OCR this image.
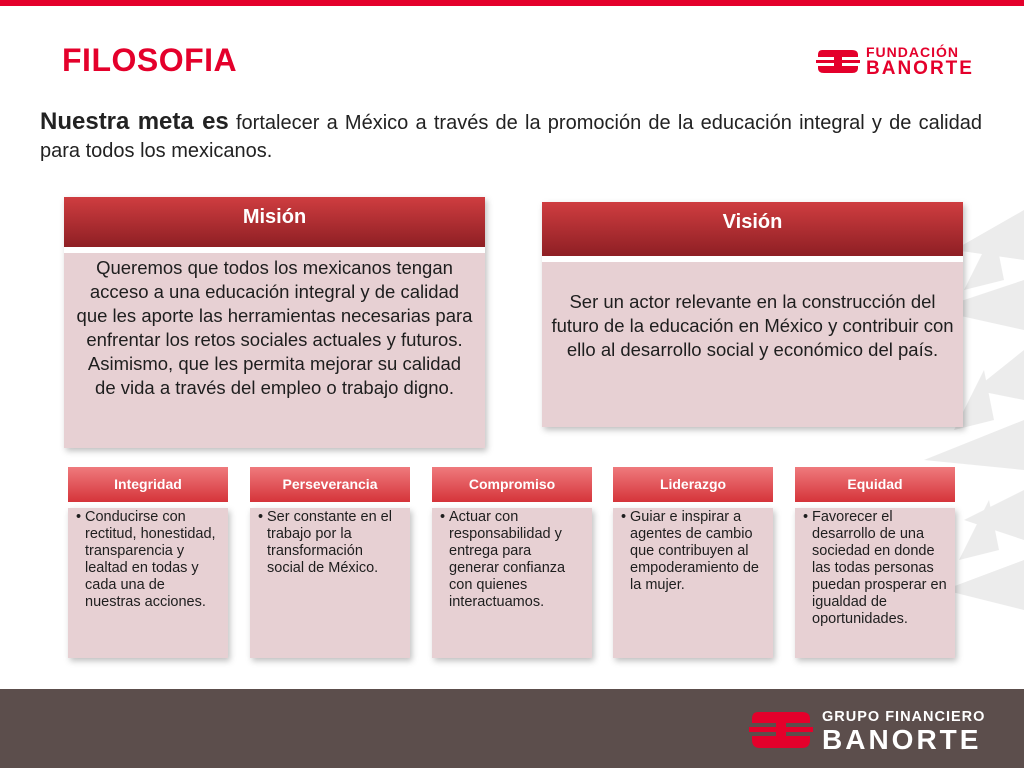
FILOSOFIA	FUNDACIÓN
BANORTE

Nuestra meta es fortalecer a México a través de la promoción de la educación integral y de calidad para todos los mexicanos.

Misión
Queremos que todos los mexicanos tengan acceso a una educación integral y de calidad que les aporte las herramientas necesarias para enfrentar los retos sociales actuales y futuros. Asimismo, que les permita mejorar su calidad de vida a través del empleo o trabajo digno.
Visión
Ser un actor relevante en la construcción del futuro de la educación en México y contribuir con ello al desarrollo social y económico del país.
Integridad
• Conducirse con rectitud, honestidad, transparencia y lealtad en todas y cada una de nuestras acciones.
Perseverancia
• Ser constante en el trabajo por la transformación social de México.
Compromiso
• Actuar con responsabilidad y entrega para generar confianza con quienes interactuamos.
Liderazgo
• Guiar e inspirar a agentes de cambio que contribuyen al empoderamiento de la mujer.
Equidad
• Favorecer el desarrollo de una sociedad en donde las todas personas puedan prosperar en igualdad de oportunidades.
GRUPO FINANCIERO
BANORTE
